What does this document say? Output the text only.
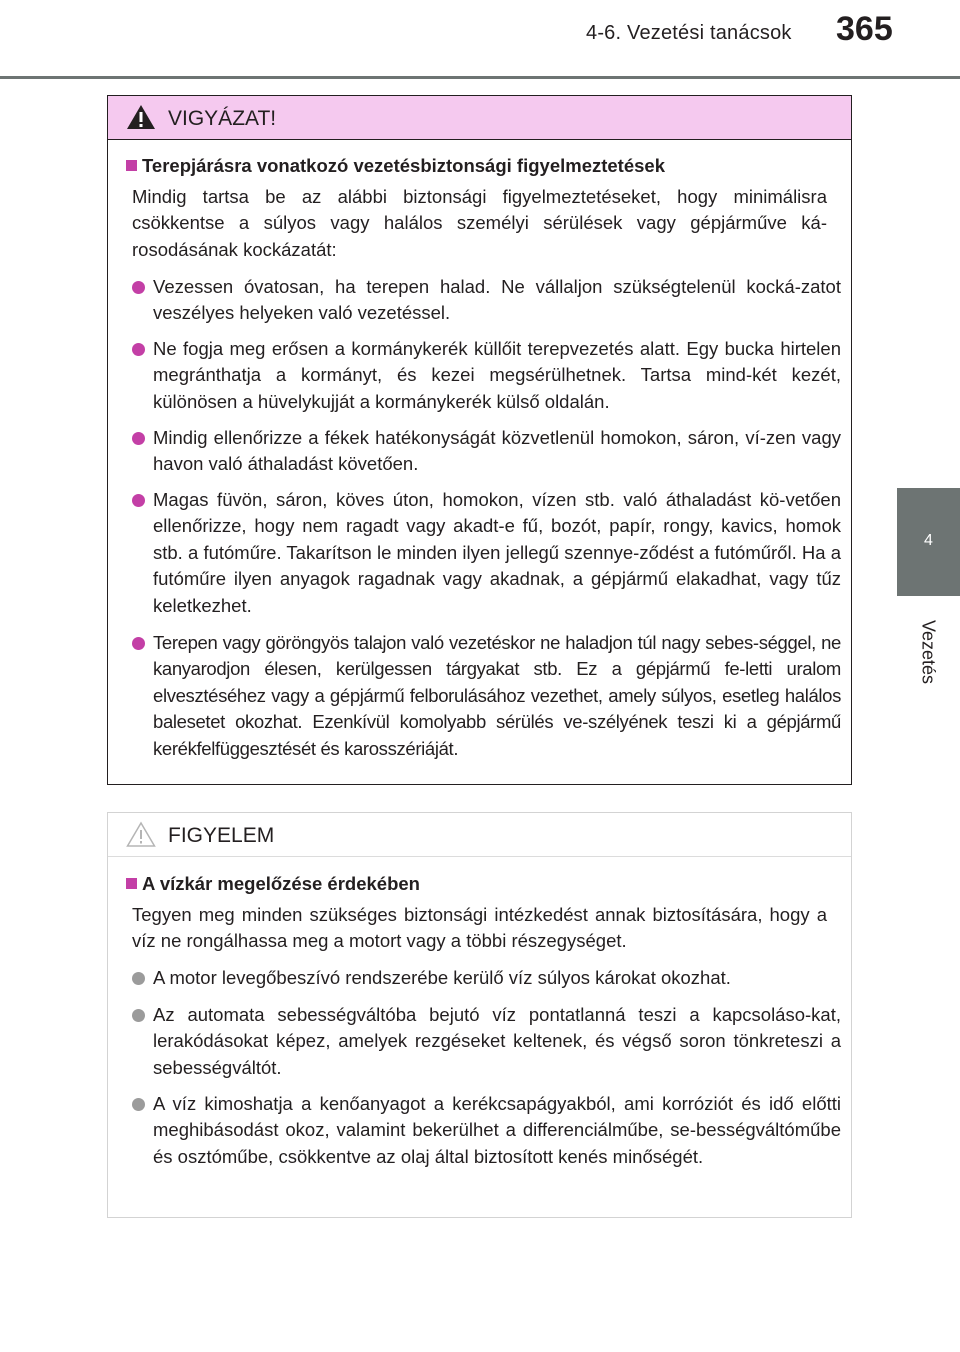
4-6. Vezetési tanácsok 365
4
Vezetés
VIGYÁZAT!
Terepjárásra vonatkozó vezetésbiztonsági figyelmeztetések
Mindig tartsa be az alábbi biztonsági figyelmeztetéseket, hogy minimálisra csökkentse a súlyos vagy halálos személyi sérülések vagy gépjárműve ká-rosodásának kockázatát:
Vezessen óvatosan, ha terepen halad. Ne vállaljon szükségtelenül kocká-zatot veszélyes helyeken való vezetéssel.
Ne fogja meg erősen a kormánykerék küllőit terepvezetés alatt. Egy bucka hirtelen megránthatja a kormányt, és kezei megsérülhetnek. Tartsa mind-két kezét, különösen a hüvelykujját a kormánykerék külső oldalán.
Mindig ellenőrizze a fékek hatékonyságát közvetlenül homokon, sáron, ví-zen vagy havon való áthaladást követően.
Magas füvön, sáron, köves úton, homokon, vízen stb. való áthaladást kö-vetően ellenőrizze, hogy nem ragadt vagy akadt-e fű, bozót, papír, rongy, kavics, homok stb. a futóműre. Takarítson le minden ilyen jellegű szennye-ződést a futóműről. Ha a futóműre ilyen anyagok ragadnak vagy akadnak, a gépjármű elakadhat, vagy tűz keletkezhet.
Terepen vagy göröngyös talajon való vezetéskor ne haladjon túl nagy sebes-séggel, ne kanyarodjon élesen, kerülgessen tárgyakat stb. Ez a gépjármű fe-letti uralom elvesztéséhez vagy a gépjármű felborulásához vezethet, amely súlyos, esetleg halálos balesetet okozhat. Ezenkívül komolyabb sérülés ve-szélyének teszi ki a gépjármű kerékfelfüggesztését és karosszériáját.
FIGYELEM
A vízkár megelőzése érdekében
Tegyen meg minden szükséges biztonsági intézkedést annak biztosítására, hogy a víz ne rongálhassa meg a motort vagy a többi részegységet.
A motor levegőbeszívó rendszerébe kerülő víz súlyos károkat okozhat.
Az automata sebességváltóba bejutó víz pontatlanná teszi a kapcsoláso-kat, lerakódásokat képez, amelyek rezgéseket keltenek, és végső soron tönkreteszi a sebességváltót.
A víz kimoshatja a kenőanyagot a kerékcsapágyakból, ami korróziót és idő előtti meghibásodást okoz, valamint bekerülhet a differenciálműbe, se-bességváltóműbe és osztóműbe, csökkentve az olaj által biztosított kenés minőségét.
